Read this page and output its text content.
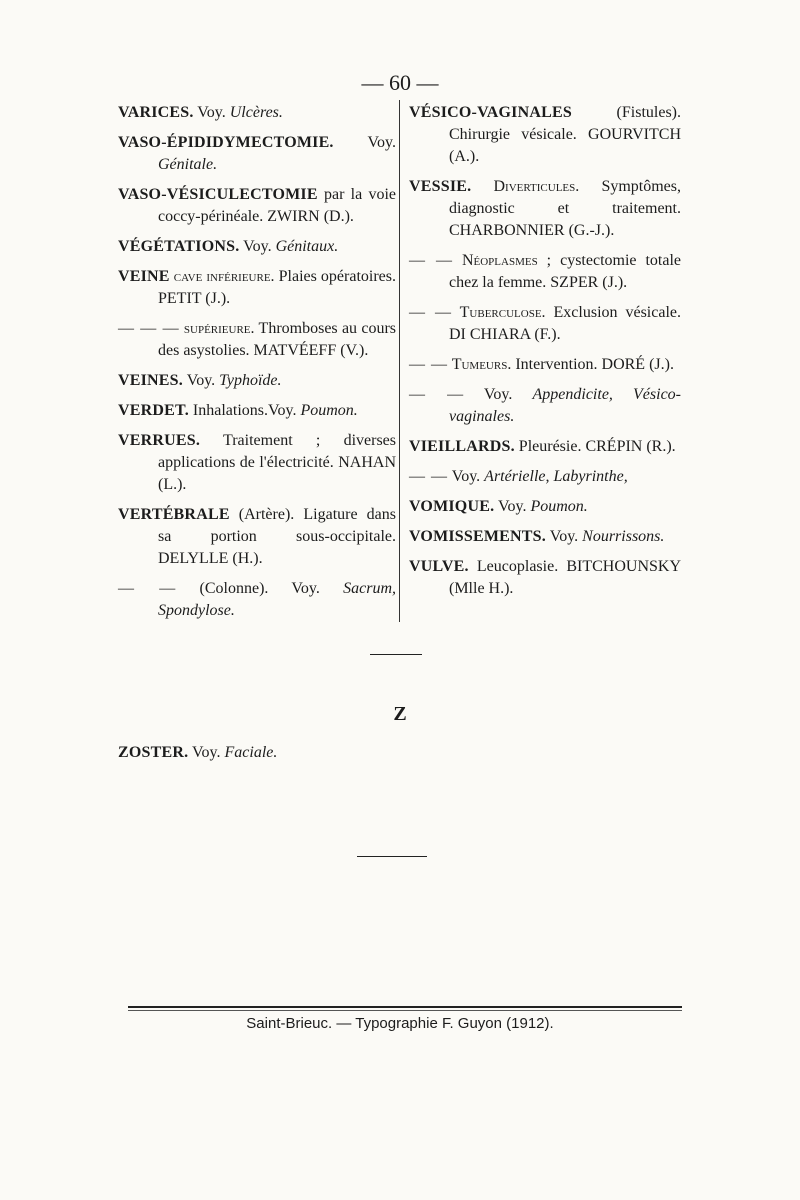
— 60 —
VARICES. Voy. Ulcères.
VASO-ÉPIDIDYMECTOMIE. Voy. Génitale.
VASO-VÉSICULECTOMIE par la voie coccy-périnéale. ZWIRN (D.).
VÉGÉTATIONS. Voy. Génitaux.
VEINE cave inférieure. Plaies opératoires. PETIT (J.).
— — — supérieure. Thromboses au cours des asystolies. MATVÉEFF (V.).
VEINES. Voy. Typhoïde.
VERDET. Inhalations.Voy. Poumon.
VERRUES. Traitement ; diverses applications de l'électricité. NAHAN (L.).
VERTÉBRALE (Artère). Ligature dans sa portion sous-occipitale. DELYLLE (H.).
— — (Colonne). Voy. Sacrum, Spondylose.
VÉSICO-VAGINALES (Fistules). Chirurgie vésicale. GOURVITCH (A.).
VESSIE. Diverticules. Symptômes, diagnostic et traitement. CHARBONNIER (G.-J.).
— — Néoplasmes ; cystectomie totale chez la femme. SZPER (J.).
— — Tuberculose. Exclusion vésicale. DI CHIARA (F.).
— — Tumeurs. Intervention. DORÉ (J.).
— — Voy. Appendicite, Vésico-vaginales.
VIEILLARDS. Pleurésie. CRÉPIN (R.).
— — Voy. Artérielle, Labyrinthe,
VOMIQUE. Voy. Poumon.
VOMISSEMENTS. Voy. Nourrissons.
VULVE. Leucoplasie. BITCHOUNSKY (Mlle H.).
Z
ZOSTER. Voy. Faciale.
Saint-Brieuc. — Typographie F. Guyon (1912).
